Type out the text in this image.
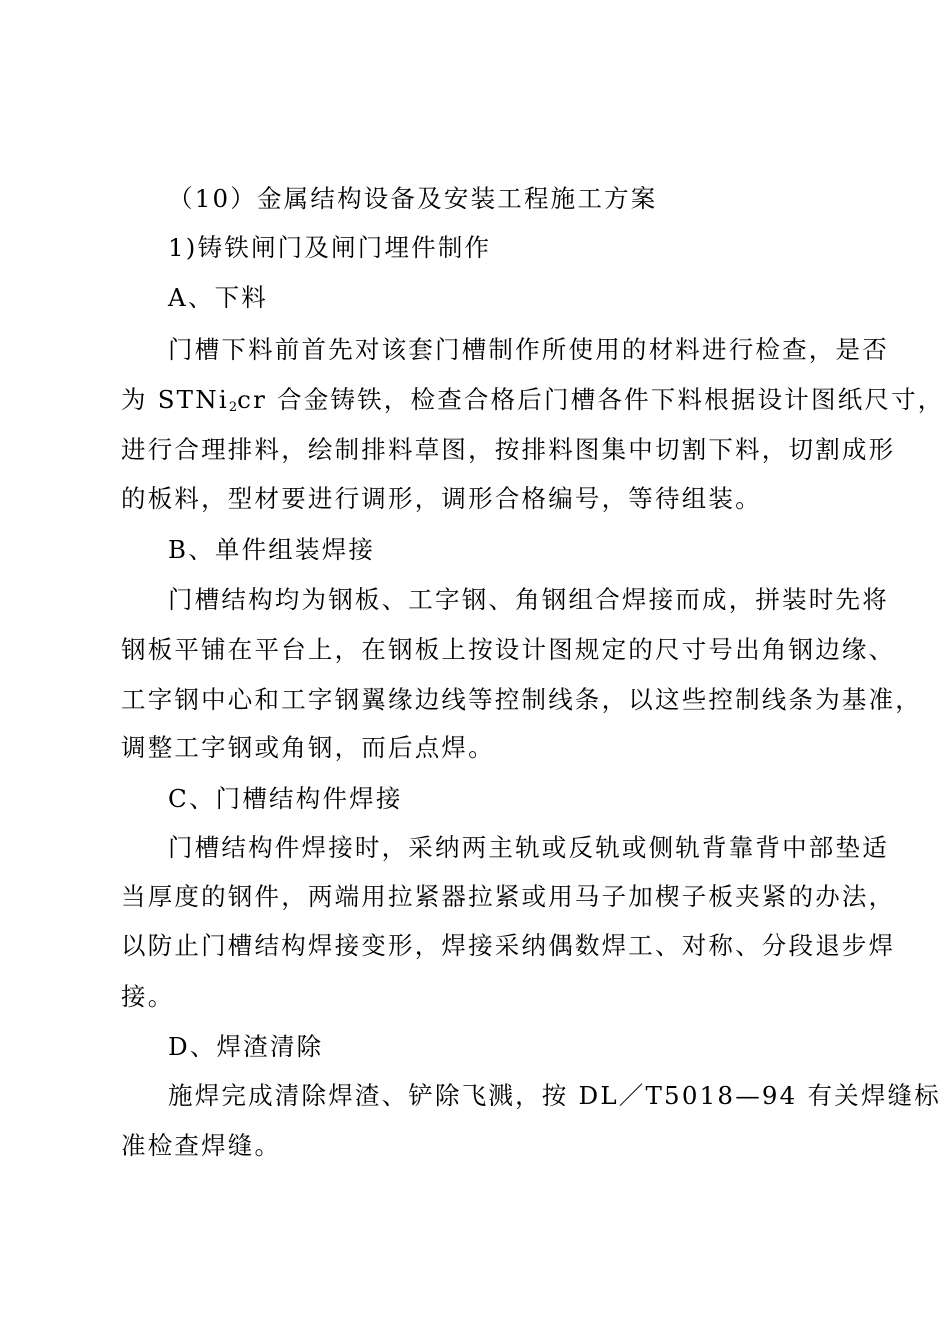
（10）金属结构设备及安装工程施工方案
1)铸铁闸门及闸门埋件制作
A、下料
门槽下料前首先对该套门槽制作所使用的材料进行检查，是否
为 STNi$_2$cr 合金铸铁，检查合格后门槽各件下料根据设计图纸尺寸，
进行合理排料，绘制排料草图，按排料图集中切割下料，切割成形
的板料，型材要进行调形，调形合格编号，等待组装。
B、单件组装焊接
门槽结构均为钢板、工字钢、角钢组合焊接而成，拼装时先将
钢板平铺在平台上，在钢板上按设计图规定的尺寸号出角钢边缘、
工字钢中心和工字钢翼缘边线等控制线条，以这些控制线条为基准，
调整工字钢或角钢，而后点焊。
C、门槽结构件焊接
门槽结构件焊接时，采纳两主轨或反轨或侧轨背靠背中部垫适
当厚度的钢件，两端用拉紧器拉紧或用马子加楔子板夹紧的办法，
以防止门槽结构焊接变形，焊接采纳偶数焊工、对称、分段退步焊
接。
D、焊渣清除
施焊完成清除焊渣、铲除飞溅，按 DL／T5018—94 有关焊缝标
准检查焊缝。
